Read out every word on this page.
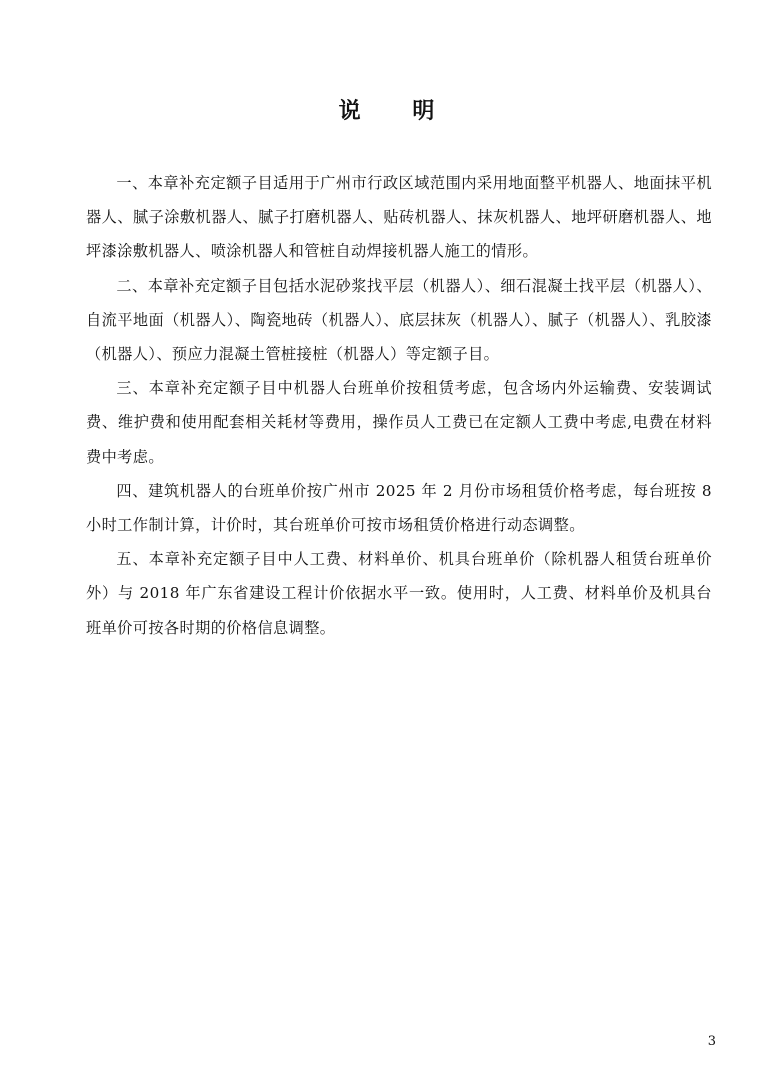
说 明

一、本章补充定额子目适用于广州市行政区域范围内采用地面整平机器人、地面抹平机器人、腻子涂敷机器人、腻子打磨机器人、贴砖机器人、抹灰机器人、地坪研磨机器人、地坪漆涂敷机器人、喷涂机器人和管桩自动焊接机器人施工的情形。

二、本章补充定额子目包括水泥砂浆找平层（机器人）、细石混凝土找平层（机器人）、自流平地面（机器人）、陶瓷地砖（机器人）、底层抹灰（机器人）、腻子（机器人）、乳胶漆（机器人）、预应力混凝土管桩接桩（机器人）等定额子目。

三、本章补充定额子目中机器人台班单价按租赁考虑，包含场内外运输费、安装调试费、维护费和使用配套相关耗材等费用，操作员人工费已在定额人工费中考虑,电费在材料费中考虑。

四、建筑机器人的台班单价按广州市 2025 年 2 月份市场租赁价格考虑，每台班按 8 小时工作制计算，计价时，其台班单价可按市场租赁价格进行动态调整。

五、本章补充定额子目中人工费、材料单价、机具台班单价（除机器人租赁台班单价外）与 2018 年广东省建设工程计价依据水平一致。使用时，人工费、材料单价及机具台班单价可按各时期的价格信息调整。

3
